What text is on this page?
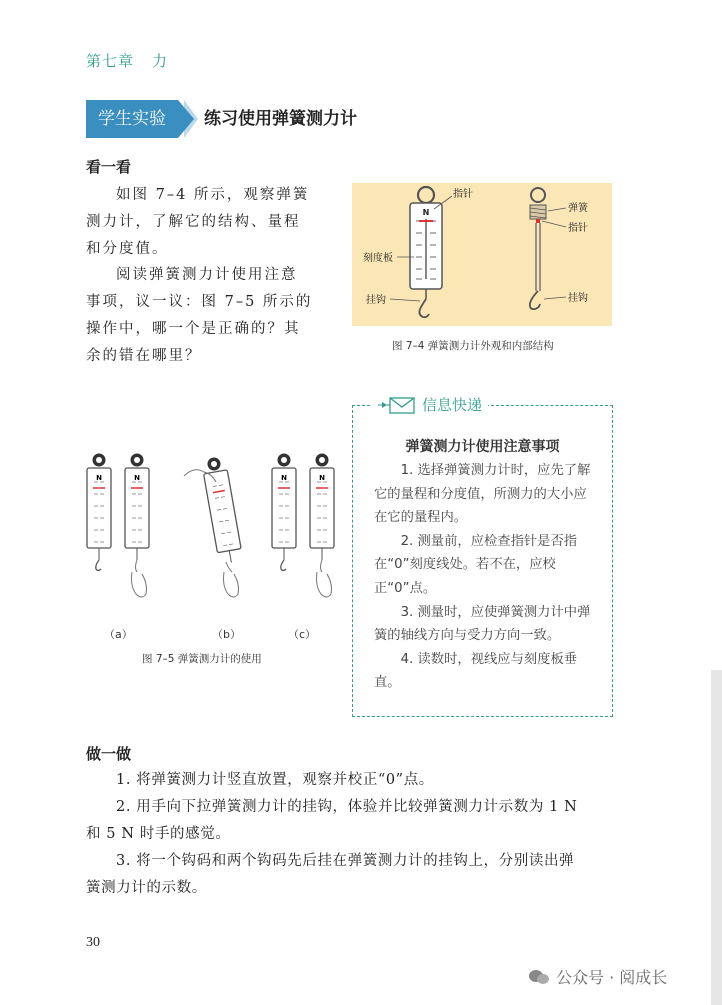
第七章 力
学生实验	练习使用弹簧测力计
看一看

如图 7–4 所示，观察弹簧

测力计，了解它的结构、量程

和分度值。

阅读弹簧测力计使用注意

事项，议一议：图 7–5 所示的

操作中，哪一个是正确的？其

余的错在哪里？

N
指针
刻度板
挂钩
弹簧
指针
挂钩
图 7–4 弹簧测力计外观和内部结构
N	N	N	N
（a）	（b）	（c）
图 7–5 弹簧测力计的使用
信息快递
弹簧测力计使用注意事项

1. 选择弹簧测力计时，应先了解它的量程和分度值，所测力的大小应在它的量程内。

2. 测量前，应检查指针是否指在“0”刻度线处。若不在，应校正“0”点。

3. 测量时，应使弹簧测力计中弹簧的轴线方向与受力方向一致。

4. 读数时，视线应与刻度板垂直。

做一做

1. 将弹簧测力计竖直放置，观察并校正“0”点。

2. 用手向下拉弹簧测力计的挂钩，体验并比较弹簧测力计示数为 1 N

和 5 N 时手的感觉。

3. 将一个钩码和两个钩码先后挂在弹簧测力计的挂钩上，分别读出弹

簧测力计的示数。

30
公众号 · 阅成长
